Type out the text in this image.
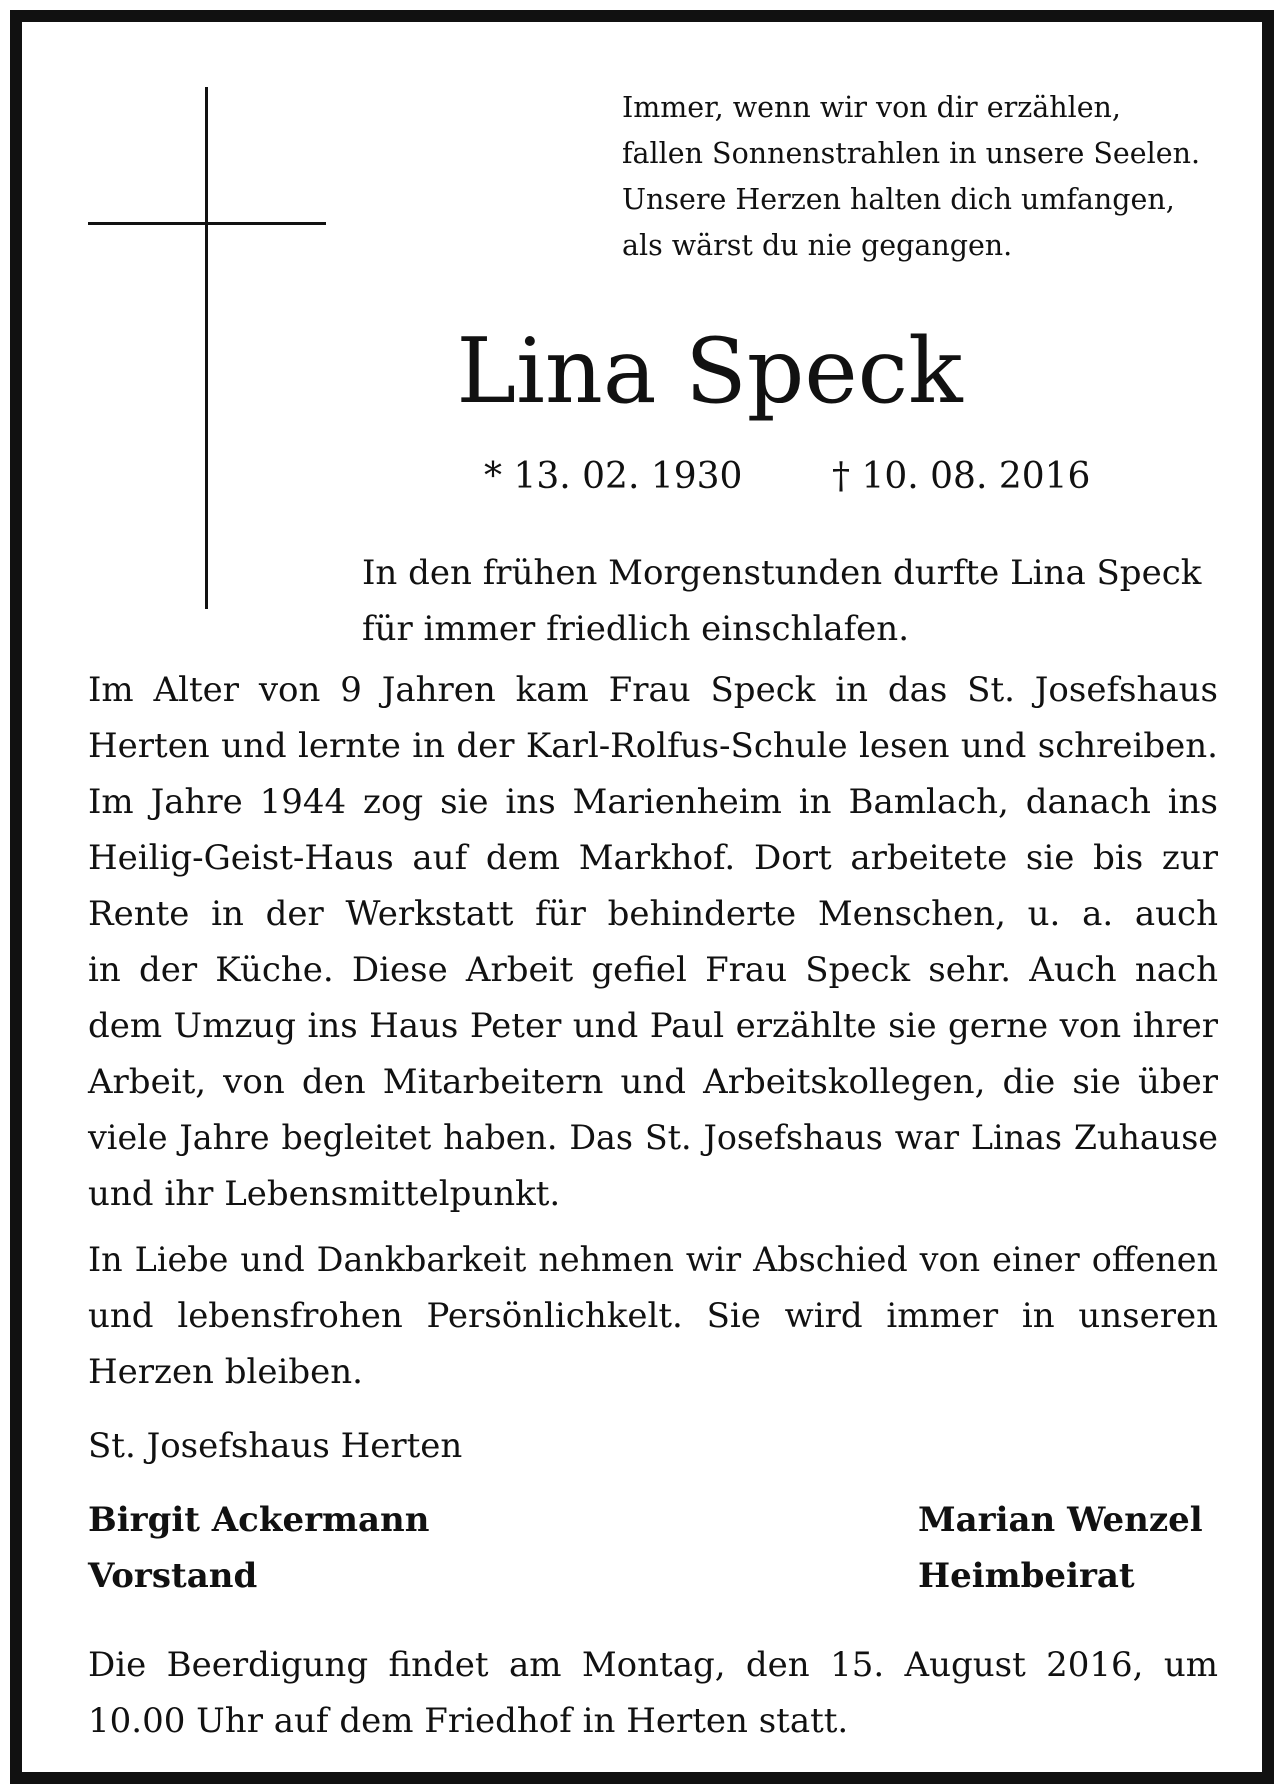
Immer, wenn wir von dir erzählen,
fallen Sonnenstrahlen in unsere Seelen.
Unsere Herzen halten dich umfangen,
als wärst du nie gegangen.
Lina Speck
* 13. 02. 1930 † 10. 08. 2016
In den frühen Morgenstunden durfte Lina Speck
für immer friedlich einschlafen.
Im Alter von 9 Jahren kam Frau Speck in das St. Josefshaus
Herten und lernte in der Karl-Rolfus-Schule lesen und schreiben.
Im Jahre 1944 zog sie ins Marienheim in Bamlach, danach ins
Heilig-Geist-Haus auf dem Markhof. Dort arbeitete sie bis zur
Rente in der Werkstatt für behinderte Menschen, u. a. auch
in der Küche. Diese Arbeit gefiel Frau Speck sehr. Auch nach
dem Umzug ins Haus Peter und Paul erzählte sie gerne von ihrer
Arbeit, von den Mitarbeitern und Arbeitskollegen, die sie über
viele Jahre begleitet haben. Das St. Josefshaus war Linas Zuhause
und ihr Lebensmittelpunkt.
In Liebe und Dankbarkeit nehmen wir Abschied von einer offenen
und lebensfrohen Persönlichkelt. Sie wird immer in unseren
Herzen bleiben.
St. Josefshaus Herten
Birgit Ackermann
Vorstand
Marian Wenzel
Heimbeirat
Die Beerdigung findet am Montag, den 15. August 2016, um
10.00 Uhr auf dem Friedhof in Herten statt.
